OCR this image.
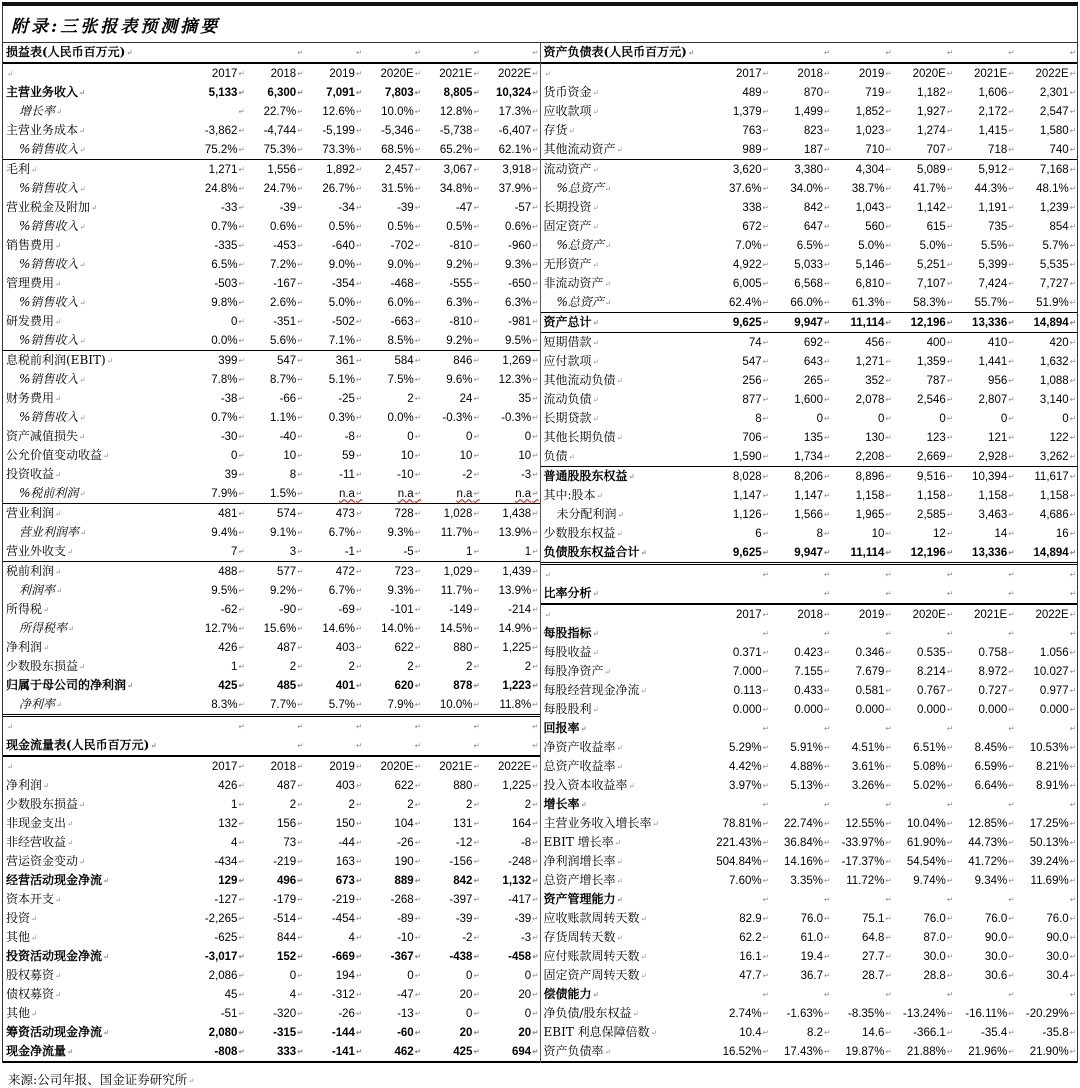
附录:三张报表预测摘要
损益表(人民币百万元) ↵	↵	↵	↵	↵	↵
↵	2017 ↵	2018 ↵	2019 ↵	2020E ↵	2021E ↵	2022E ↵
主营业务收入 ↵	5,133 ↵	6,300 ↵	7,091 ↵	7,803 ↵	8,805 ↵	10,324 ↵
增长率 ↵	↵	22.7% ↵	12.6% ↵	10.0% ↵	12.8% ↵	17.3% ↵
主营业务成本 ↵	-3,862 ↵	-4,744 ↵	-5,199 ↵	-5,346 ↵	-5,738 ↵	-6,407 ↵
%销售收入 ↵	75.2% ↵	75.3% ↵	73.3% ↵	68.5% ↵	65.2% ↵	62.1% ↵
毛利 ↵	1,271 ↵	1,556 ↵	1,892 ↵	2,457 ↵	3,067 ↵	3,918 ↵
%销售收入 ↵	24.8% ↵	24.7% ↵	26.7% ↵	31.5% ↵	34.8% ↵	37.9% ↵
营业税金及附加 ↵	-33 ↵	-39 ↵	-34 ↵	-39 ↵	-47 ↵	-57 ↵
%销售收入 ↵	0.7% ↵	0.6% ↵	0.5% ↵	0.5% ↵	0.5% ↵	0.6% ↵
销售费用 ↵	-335 ↵	-453 ↵	-640 ↵	-702 ↵	-810 ↵	-960 ↵
%销售收入 ↵	6.5% ↵	7.2% ↵	9.0% ↵	9.0% ↵	9.2% ↵	9.3% ↵
管理费用 ↵	-503 ↵	-167 ↵	-354 ↵	-468 ↵	-555 ↵	-650 ↵
%销售收入 ↵	9.8% ↵	2.6% ↵	5.0% ↵	6.0% ↵	6.3% ↵	6.3% ↵
研发费用 ↵	0 ↵	-351 ↵	-502 ↵	-663 ↵	-810 ↵	-981 ↵
%销售收入 ↵	0.0% ↵	5.6% ↵	7.1% ↵	8.5% ↵	9.2% ↵	9.5% ↵
息税前利润(EBIT) ↵	399 ↵	547 ↵	361 ↵	584 ↵	846 ↵	1,269 ↵
%销售收入 ↵	7.8% ↵	8.7% ↵	5.1% ↵	7.5% ↵	9.6% ↵	12.3% ↵
财务费用 ↵	-38 ↵	-66 ↵	-25 ↵	2 ↵	24 ↵	35 ↵
%销售收入 ↵	0.7% ↵	1.1% ↵	0.3% ↵	0.0% ↵	-0.3% ↵	-0.3% ↵
资产减值损失 ↵	-30 ↵	-40 ↵	-8 ↵	0 ↵	0 ↵	0 ↵
公允价值变动收益 ↵	0 ↵	10 ↵	59 ↵	10 ↵	10 ↵	10 ↵
投资收益 ↵	39 ↵	8 ↵	-11 ↵	-10 ↵	-2 ↵	-3 ↵
%税前利润 ↵	7.9% ↵	1.5% ↵	n.a ↵	n.a ↵	n.a ↵	n.a ↵
营业利润 ↵	481 ↵	574 ↵	473 ↵	728 ↵	1,028 ↵	1,438 ↵
营业利润率 ↵	9.4% ↵	9.1% ↵	6.7% ↵	9.3% ↵	11.7% ↵	13.9% ↵
营业外收支 ↵	7 ↵	3 ↵	-1 ↵	-5 ↵	1 ↵	1 ↵
税前利润 ↵	488 ↵	577 ↵	472 ↵	723 ↵	1,029 ↵	1,439 ↵
利润率 ↵	9.5% ↵	9.2% ↵	6.7% ↵	9.3% ↵	11.7% ↵	13.9% ↵
所得税 ↵	-62 ↵	-90 ↵	-69 ↵	-101 ↵	-149 ↵	-214 ↵
所得税率 ↵	12.7% ↵	15.6% ↵	14.6% ↵	14.0% ↵	14.5% ↵	14.9% ↵
净利润 ↵	426 ↵	487 ↵	403 ↵	622 ↵	880 ↵	1,225 ↵
少数股东损益 ↵	1 ↵	2 ↵	2 ↵	2 ↵	2 ↵	2 ↵
归属于母公司的净利润 ↵	425 ↵	485 ↵	401 ↵	620 ↵	878 ↵	1,223 ↵
净利率 ↵	8.3% ↵	7.7% ↵	5.7% ↵	7.9% ↵	10.0% ↵	11.8% ↵
↵	↵	↵	↵	↵	↵	↵
现金流量表(人民币百万元) ↵	↵	↵	↵	↵	↵
↵	2017 ↵	2018 ↵	2019 ↵	2020E ↵	2021E ↵	2022E ↵
净利润 ↵	426 ↵	487 ↵	403 ↵	622 ↵	880 ↵	1,225 ↵
少数股东损益 ↵	1 ↵	2 ↵	2 ↵	2 ↵	2 ↵	2 ↵
非现金支出 ↵	132 ↵	156 ↵	150 ↵	104 ↵	131 ↵	164 ↵
非经营收益 ↵	4 ↵	73 ↵	-44 ↵	-26 ↵	-12 ↵	-8 ↵
营运资金变动 ↵	-434 ↵	-219 ↵	163 ↵	190 ↵	-156 ↵	-248 ↵
经营活动现金净流 ↵	129 ↵	496 ↵	673 ↵	889 ↵	842 ↵	1,132 ↵
资本开支 ↵	-127 ↵	-179 ↵	-219 ↵	-268 ↵	-397 ↵	-417 ↵
投资 ↵	-2,265 ↵	-514 ↵	-454 ↵	-89 ↵	-39 ↵	-39 ↵
其他 ↵	-625 ↵	844 ↵	4 ↵	-10 ↵	-2 ↵	-3 ↵
投资活动现金净流 ↵	-3,017 ↵	152 ↵	-669 ↵	-367 ↵	-438 ↵	-458 ↵
股权募资 ↵	2,086 ↵	0 ↵	194 ↵	0 ↵	0 ↵	0 ↵
债权募资 ↵	45 ↵	4 ↵	-312 ↵	-47 ↵	20 ↵	20 ↵
其他 ↵	-51 ↵	-320 ↵	-26 ↵	-13 ↵	0 ↵	0 ↵
筹资活动现金净流 ↵	2,080 ↵	-315 ↵	-144 ↵	-60 ↵	20 ↵	20 ↵
现金净流量 ↵	-808 ↵	333 ↵	-141 ↵	462 ↵	425 ↵	694 ↵
资产负债表(人民币百万元) ↵	↵	↵	↵	↵	↵
↵	2017 ↵	2018 ↵	2019 ↵	2020E ↵	2021E ↵	2022E ↵
货币资金 ↵	489 ↵	870 ↵	719 ↵	1,182 ↵	1,606 ↵	2,301 ↵
应收款项 ↵	1,379 ↵	1,499 ↵	1,852 ↵	1,927 ↵	2,172 ↵	2,547 ↵
存货 ↵	763 ↵	823 ↵	1,023 ↵	1,274 ↵	1,415 ↵	1,580 ↵
其他流动资产 ↵	989 ↵	187 ↵	710 ↵	707 ↵	718 ↵	740 ↵
流动资产 ↵	3,620 ↵	3,380 ↵	4,304 ↵	5,089 ↵	5,912 ↵	7,168 ↵
%总资产 ↵	37.6% ↵	34.0% ↵	38.7% ↵	41.7% ↵	44.3% ↵	48.1% ↵
长期投资 ↵	338 ↵	842 ↵	1,043 ↵	1,142 ↵	1,191 ↵	1,239 ↵
固定资产 ↵	672 ↵	647 ↵	560 ↵	615 ↵	735 ↵	854 ↵
%总资产 ↵	7.0% ↵	6.5% ↵	5.0% ↵	5.0% ↵	5.5% ↵	5.7% ↵
无形资产 ↵	4,922 ↵	5,033 ↵	5,146 ↵	5,251 ↵	5,399 ↵	5,535 ↵
非流动资产 ↵	6,005 ↵	6,568 ↵	6,810 ↵	7,107 ↵	7,424 ↵	7,727 ↵
%总资产 ↵	62.4% ↵	66.0% ↵	61.3% ↵	58.3% ↵	55.7% ↵	51.9% ↵
资产总计 ↵	9,625 ↵	9,947 ↵	11,114 ↵	12,196 ↵	13,336 ↵	14,894 ↵
短期借款 ↵	74 ↵	692 ↵	456 ↵	400 ↵	410 ↵	420 ↵
应付款项 ↵	547 ↵	643 ↵	1,271 ↵	1,359 ↵	1,441 ↵	1,632 ↵
其他流动负债 ↵	256 ↵	265 ↵	352 ↵	787 ↵	956 ↵	1,088 ↵
流动负债 ↵	877 ↵	1,600 ↵	2,078 ↵	2,546 ↵	2,807 ↵	3,140 ↵
长期贷款 ↵	8 ↵	0 ↵	0 ↵	0 ↵	0 ↵	0 ↵
其他长期负债 ↵	706 ↵	135 ↵	130 ↵	123 ↵	121 ↵	122 ↵
负债 ↵	1,590 ↵	1,734 ↵	2,208 ↵	2,669 ↵	2,928 ↵	3,262 ↵
普通股股东权益 ↵	8,028 ↵	8,206 ↵	8,896 ↵	9,516 ↵	10,394 ↵	11,617 ↵
其中:股本 ↵	1,147 ↵	1,147 ↵	1,158 ↵	1,158 ↵	1,158 ↵	1,158 ↵
未分配利润 ↵	1,126 ↵	1,566 ↵	1,965 ↵	2,585 ↵	3,463 ↵	4,686 ↵
少数股东权益 ↵	6 ↵	8 ↵	10 ↵	12 ↵	14 ↵	16 ↵
负债股东权益合计 ↵	9,625 ↵	9,947 ↵	11,114 ↵	12,196 ↵	13,336 ↵	14,894 ↵
↵	↵	↵	↵	↵	↵	↵
比率分析 ↵	↵	↵	↵	↵	↵
↵	2017 ↵	2018 ↵	2019 ↵	2020E ↵	2021E ↵	2022E ↵
每股指标 ↵	↵	↵	↵	↵	↵	↵
每股收益 ↵	0.371 ↵	0.423 ↵	0.346 ↵	0.535 ↵	0.758 ↵	1.056 ↵
每股净资产 ↵	7.000 ↵	7.155 ↵	7.679 ↵	8.214 ↵	8.972 ↵	10.027 ↵
每股经营现金净流 ↵	0.113 ↵	0.433 ↵	0.581 ↵	0.767 ↵	0.727 ↵	0.977 ↵
每股股利 ↵	0.000 ↵	0.000 ↵	0.000 ↵	0.000 ↵	0.000 ↵	0.000 ↵
回报率 ↵	↵	↵	↵	↵	↵	↵
净资产收益率 ↵	5.29% ↵	5.91% ↵	4.51% ↵	6.51% ↵	8.45% ↵	10.53% ↵
总资产收益率 ↵	4.42% ↵	4.88% ↵	3.61% ↵	5.08% ↵	6.59% ↵	8.21% ↵
投入资本收益率 ↵	3.97% ↵	5.13% ↵	3.26% ↵	5.02% ↵	6.64% ↵	8.91% ↵
增长率 ↵	↵	↵	↵	↵	↵	↵
主营业务收入增长率 ↵	78.81% ↵	22.74% ↵	12.55% ↵	10.04% ↵	12.85% ↵	17.25% ↵
EBIT 增长率 ↵	221.43% ↵	36.84% ↵	-33.97% ↵	61.90% ↵	44.73% ↵	50.13% ↵
净利润增长率 ↵	504.84% ↵	14.16% ↵	-17.37% ↵	54.54% ↵	41.72% ↵	39.24% ↵
总资产增长率 ↵	7.60% ↵	3.35% ↵	11.72% ↵	9.74% ↵	9.34% ↵	11.69% ↵
资产管理能力 ↵	↵	↵	↵	↵	↵	↵
应收账款周转天数 ↵	82.9 ↵	76.0 ↵	75.1 ↵	76.0 ↵	76.0 ↵	76.0 ↵
存货周转天数 ↵	62.2 ↵	61.0 ↵	64.8 ↵	87.0 ↵	90.0 ↵	90.0 ↵
应付账款周转天数 ↵	16.1 ↵	19.4 ↵	27.7 ↵	30.0 ↵	30.0 ↵	30.0 ↵
固定资产周转天数 ↵	47.7 ↵	36.7 ↵	28.7 ↵	28.8 ↵	30.6 ↵	30.4 ↵
偿债能力 ↵	↵	↵	↵	↵	↵	↵
净负债/股东权益 ↵	2.74% ↵	-1.63% ↵	-8.35% ↵	-13.24% ↵	-16.11% ↵	-20.29% ↵
EBIT 利息保障倍数 ↵	10.4 ↵	8.2 ↵	14.6 ↵	-366.1 ↵	-35.4 ↵	-35.8 ↵
资产负债率 ↵	16.52% ↵	17.43% ↵	19.87% ↵	21.88% ↵	21.96% ↵	21.90% ↵
来源:公司年报、国金证券研究所 ↵
